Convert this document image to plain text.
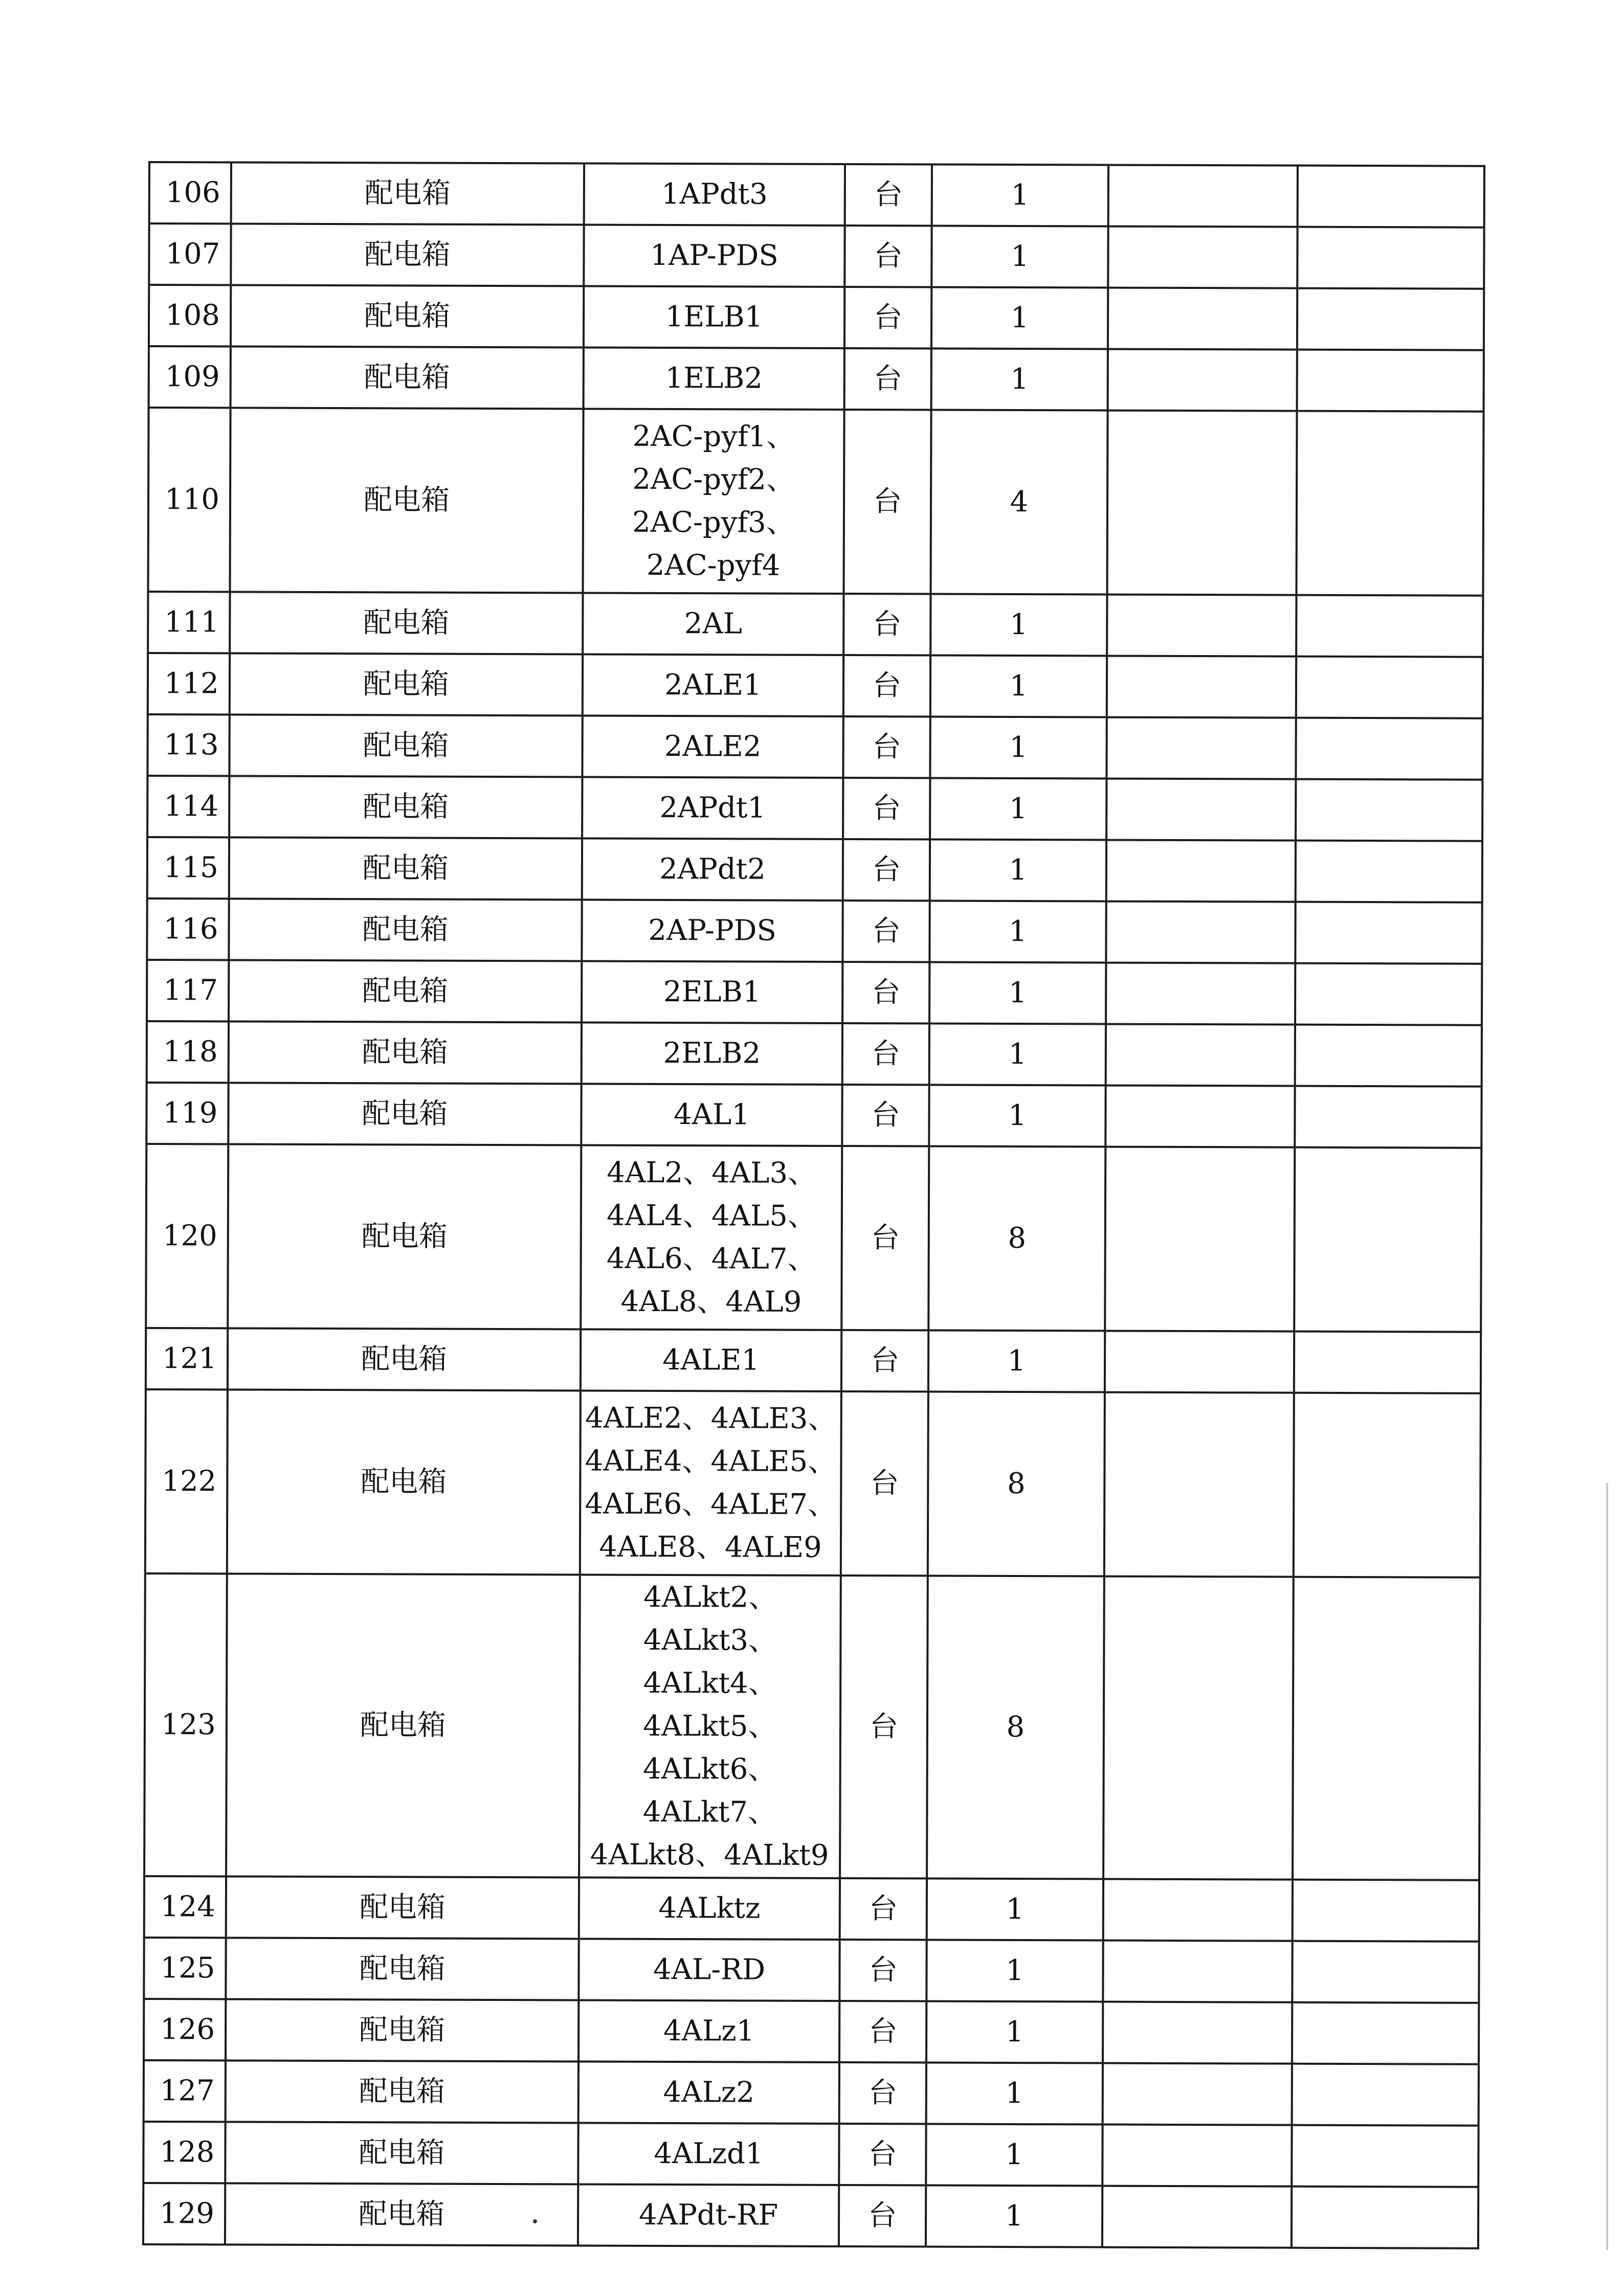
106	配电箱	1APdt3	台	1		
107	配电箱	1AP-PDS	台	1		
108	配电箱	1ELB1	台	1		
109	配电箱	1ELB2	台	1		
110	配电箱	2AC-pyf1、
2AC-pyf2、
2AC-pyf3、
2AC-pyf4	台	4		
111	配电箱	2AL	台	1		
112	配电箱	2ALE1	台	1		
113	配电箱	2ALE2	台	1		
114	配电箱	2APdt1	台	1		
115	配电箱	2APdt2	台	1		
116	配电箱	2AP-PDS	台	1		
117	配电箱	2ELB1	台	1		
118	配电箱	2ELB2	台	1		
119	配电箱	4AL1	台	1		
120	配电箱	4AL2、4AL3、
4AL4、4AL5、
4AL6、4AL7、
4AL8、4AL9	台	8		
121	配电箱	4ALE1	台	1		
122	配电箱	4ALE2、4ALE3、
4ALE4、4ALE5、
4ALE6、4ALE7、
4ALE8、4ALE9	台	8		
123	配电箱	4ALkt2、4ALkt3、
4ALkt4、4ALkt5、
4ALkt6、4ALkt7、
4ALkt8、4ALkt9	台	8		
124	配电箱	4ALktz	台	1		
125	配电箱	4AL-RD	台	1		
126	配电箱	4ALz1	台	1		
127	配电箱	4ALz2	台	1		
128	配电箱	4ALzd1	台	1		
129	配电箱	4APdt-RF	台	1		
